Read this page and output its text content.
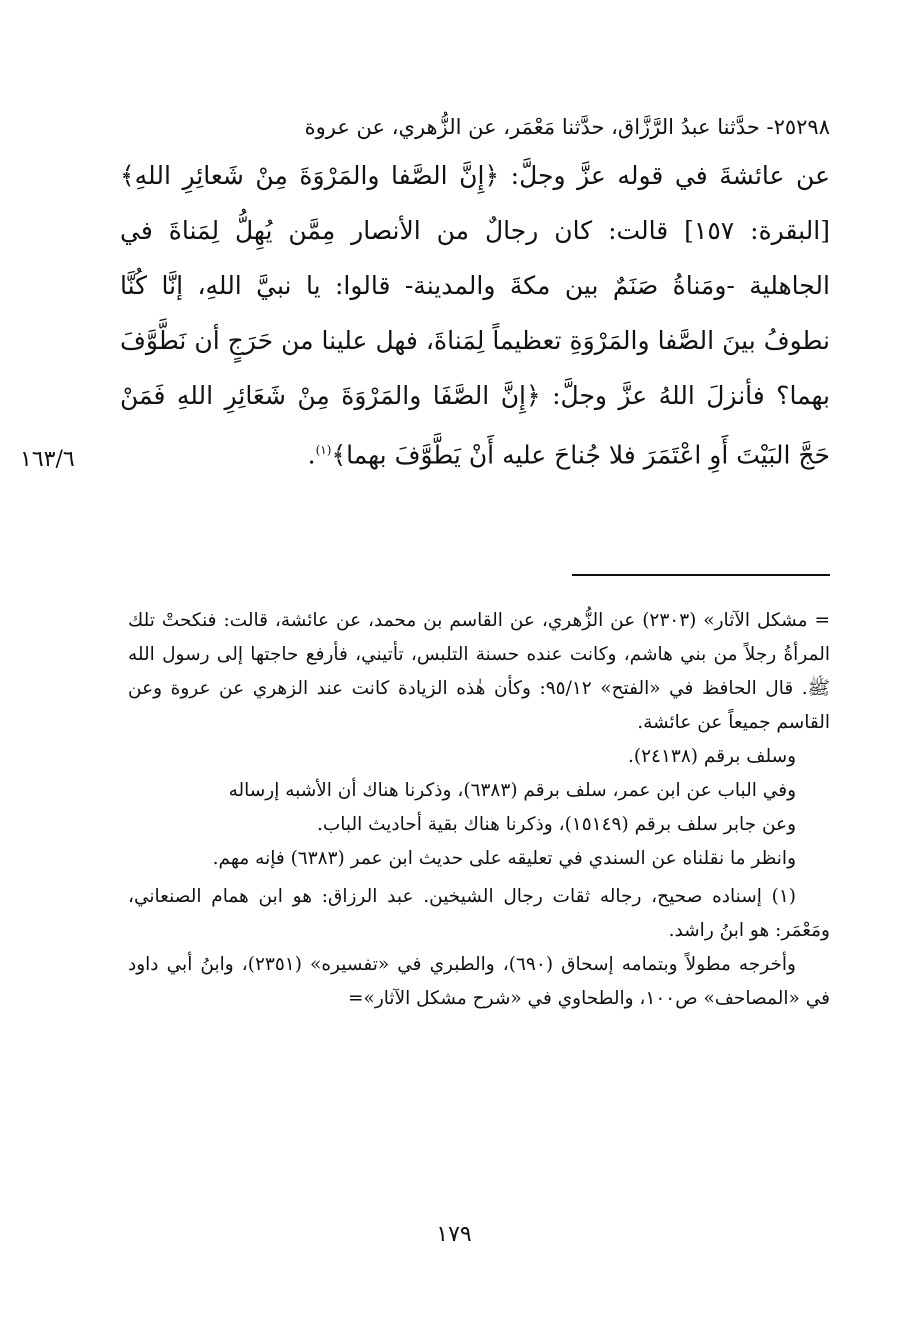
٢٥٢٩٨- حدَّثنا عبدُ الرَّزَّاق، حدَّثنا مَعْمَر، عن الزُّهري، عن عروة

عن عائشةَ في قوله عزَّ وجلَّ: ﴿إِنَّ الصَّفا والمَرْوَةَ مِنْ شَعائِرِ اللهِ﴾ [البقرة: ١٥٧] قالت: كان رجالٌ من الأنصار مِمَّن يُهِلُّ لِمَناةَ في الجاهلية -ومَناةُ صَنَمٌ بين مكةَ والمدينة- قالوا: يا نبيَّ اللهِ، إنَّا كُنَّا نطوفُ بينَ الصَّفا والمَرْوَةِ تعظيماً لِمَناةَ، فهل علينا من حَرَجٍ أن نَطَّوَّفَ بهما؟ فأنزلَ اللهُ عزَّ وجلَّ: ﴿إِنَّ الصَّفَا والمَرْوَةَ مِنْ شَعَائِرِ اللهِ فَمَنْ حَجَّ البَيْتَ أَوِ اعْتَمَرَ فلا جُناحَ عليه أَنْ يَطَّوَّفَ بهما﴾$^{(١)}$.

١٦٣/٦

= مشكل الآثار» (٢٣٠٣) عن الزُّهري، عن القاسم بن محمد، عن عائشة، قالت: فنكحتْ تلك المرأةُ رجلاً من بني هاشم، وكانت عنده حسنة التلبس، تأتيني، فأرفع حاجتها إلى رسول الله ﷺ. قال الحافظ في «الفتح» ٩٥/١٢: وكأن هٰذه الزيادة كانت عند الزهري عن عروة وعن القاسم جميعاً عن عائشة.

وسلف برقم (٢٤١٣٨).

وفي الباب عن ابن عمر، سلف برقم (٦٣٨٣)، وذكرنا هناك أن الأشبه إرساله

وعن جابر سلف برقم (١٥١٤٩)، وذكرنا هناك بقية أحاديث الباب.

وانظر ما نقلناه عن السندي في تعليقه على حديث ابن عمر (٦٣٨٣) فإنه مهم.

(١) إسناده صحيح، رجاله ثقات رجال الشيخين. عبد الرزاق: هو ابن همام الصنعاني، ومَعْمَر: هو ابنُ راشد.

وأخرجه مطولاً وبتمامه إسحاق (٦٩٠)، والطبري في «تفسيره» (٢٣٥١)، وابنُ أبي داود في «المصاحف» ص١٠٠، والطحاوي في «شرح مشكل الآثار»=

١٧٩
